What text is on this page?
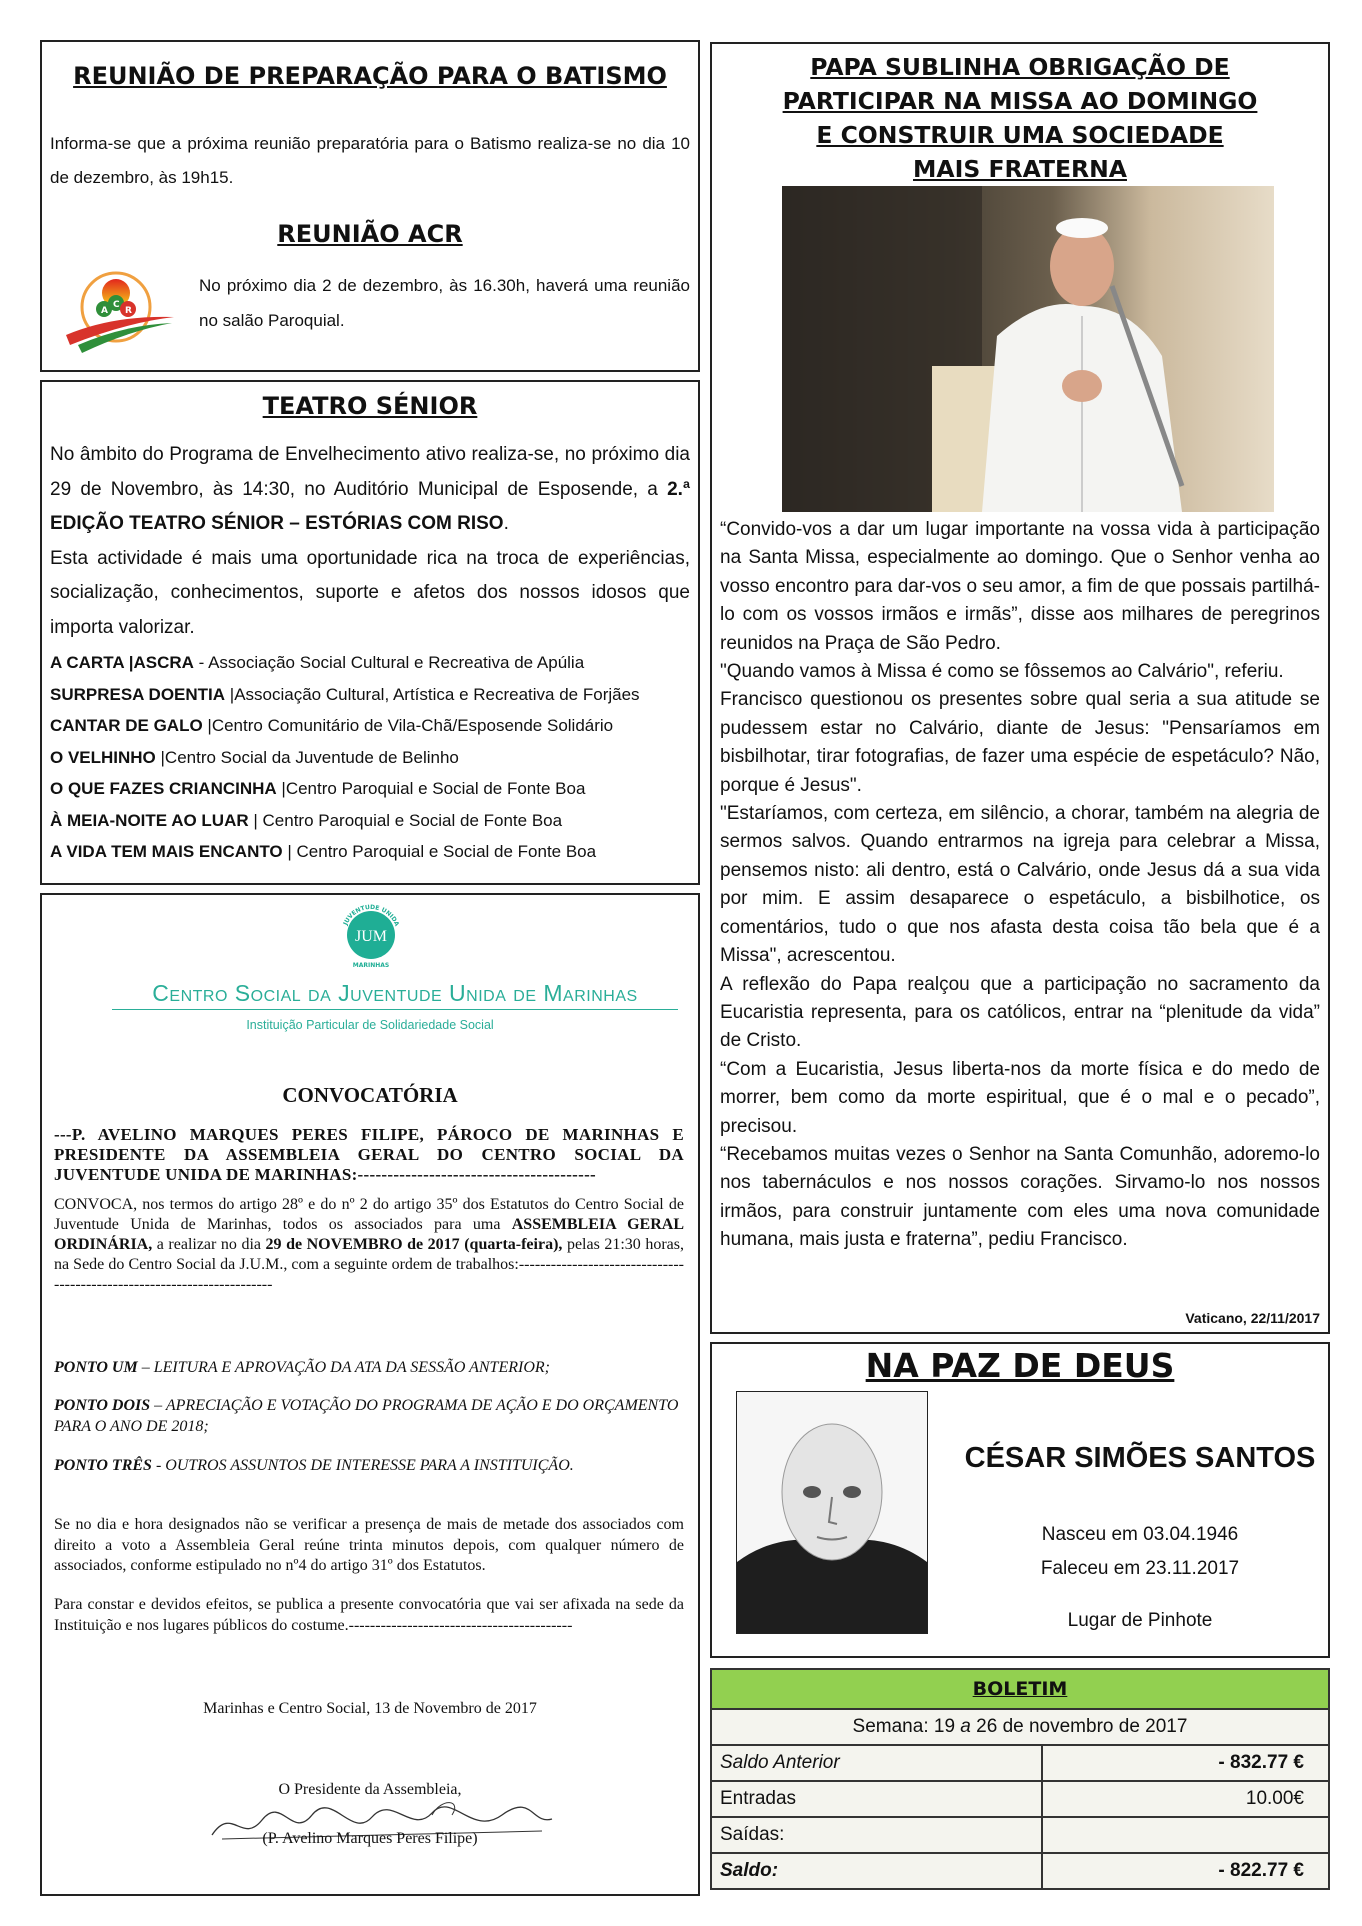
REUNIÃO DE PREPARAÇÃO PARA O BATISMO
Informa-se que a próxima reunião preparatória para o Batismo realiza-se no dia 10 de dezembro, às 19h15.
REUNIÃO ACR
A
C
R
No próximo dia 2 de dezembro, às 16.30h, haverá uma reunião no salão Paroquial.
TEATRO SÉNIOR
No âmbito do Programa de Envelhecimento ativo realiza-se, no próximo dia 29 de Novembro, às 14:30, no Auditório Municipal de Esposende, a 2.ª EDIÇÃO TEATRO SÉNIOR – ESTÓRIAS COM RISO.
Esta actividade é mais uma oportunidade rica na troca de experiências, socialização, conhecimentos, suporte e afetos dos nossos idosos que importa valorizar.
A CARTA |ASCRA - Associação Social Cultural e Recreativa de Apúlia
SURPRESA DOENTIA |Associação Cultural, Artística e Recreativa de Forjães
CANTAR DE GALO |Centro Comunitário de Vila-Chã/Esposende Solidário
O VELHINHO |Centro Social da Juventude de Belinho
O QUE FAZES CRIANCINHA |Centro Paroquial e Social de Fonte Boa
À MEIA-NOITE AO LUAR | Centro Paroquial e Social de Fonte Boa
A VIDA TEM MAIS ENCANTO | Centro Paroquial e Social de Fonte Boa
JUM
JUVENTUDE UNIDA
MARINHAS
Centro Social da Juventude Unida de Marinhas
Instituição Particular de Solidariedade Social
CONVOCATÓRIA
---P. AVELINO MARQUES PERES FILIPE, PÁROCO DE MARINHAS E PRESIDENTE DA ASSEMBLEIA GERAL DO CENTRO SOCIAL DA JUVENTUDE UNIDA DE MARINHAS:----------------------------------------
CONVOCA, nos termos do artigo 28º e do nº 2 do artigo 35º dos Estatutos do Centro Social de Juventude Unida de Marinhas, todos os associados para uma ASSEMBLEIA GERAL ORDINÁRIA, a realizar no dia 29 de NOVEMBRO de 2017 (quarta-feira), pelas 21:30 horas, na Sede do Centro Social da J.U.M., com a seguinte ordem de trabalhos:------------------------------------------------------------------------
PONTO UM – LEITURA E APROVAÇÃO DA ATA DA SESSÃO ANTERIOR;
PONTO DOIS – APRECIAÇÃO E VOTAÇÃO DO PROGRAMA DE AÇÃO E DO ORÇAMENTO PARA O ANO DE 2018;
PONTO TRÊS - OUTROS ASSUNTOS DE INTERESSE PARA A INSTITUIÇÃO.
Se no dia e hora designados não se verificar a presença de mais de metade dos associados com direito a voto a Assembleia Geral reúne trinta minutos depois, com qualquer número de associados, conforme estipulado no nº4 do artigo 31º dos Estatutos.
Para constar e devidos efeitos, se publica a presente convocatória que vai ser afixada na sede da Instituição e nos lugares públicos do costume.------------------------------------------
Marinhas e Centro Social, 13 de Novembro de 2017
O Presidente da Assembleia,
(P. Avelino Marques Peres Filipe)
PAPA SUBLINHA OBRIGAÇÃO DE
PARTICIPAR NA MISSA AO DOMINGO
E CONSTRUIR UMA SOCIEDADE
MAIS FRATERNA
“Convido-vos a dar um lugar importante na vossa vida à participação na Santa Missa, especialmente ao domingo. Que o Senhor venha ao vosso encontro para dar-vos o seu amor, a fim de que possais partilhá-lo com os vossos irmãos e irmãs”, disse aos milhares de peregrinos reunidos na Praça de São Pedro.
"Quando vamos à Missa é como se fôssemos ao Calvário", referiu.
Francisco questionou os presentes sobre qual seria a sua atitude se pudessem estar no Calvário, diante de Jesus: "Pensaríamos em bisbilhotar, tirar fotografias, de fazer uma espécie de espetáculo? Não, porque é Jesus".
"Estaríamos, com certeza, em silêncio, a chorar, também na alegria de sermos salvos. Quando entrarmos na igreja para celebrar a Missa, pensemos nisto: ali dentro, está o Calvário, onde Jesus dá a sua vida por mim. E assim desaparece o espetáculo, a bisbilhotice, os comentários, tudo o que nos afasta desta coisa tão bela que é a Missa", acrescentou.
A reflexão do Papa realçou que a participação no sacramento da Eucaristia representa, para os católicos, entrar na “plenitude da vida” de Cristo.
“Com a Eucaristia, Jesus liberta-nos da morte física e do medo de morrer, bem como da morte espiritual, que é o mal e o pecado”, precisou.
“Recebamos muitas vezes o Senhor na Santa Comunhão, adoremo-lo nos tabernáculos e nos nossos corações. Sirvamo-lo nos nossos irmãos, para construir juntamente com eles uma nova comunidade humana, mais justa e fraterna”, pediu Francisco.
Vaticano, 22/11/2017
NA PAZ DE DEUS
CÉSAR SIMÕES SANTOS
Nasceu em 03.04.1946
Faleceu em 23.11.2017
Lugar de Pinhote
BOLETIM	
Semana: 19 a 26 de novembro de 2017	
Saldo Anterior	- 832.77 €
Entradas	10.00€
Saídas:	
Saldo:	- 822.77 €
